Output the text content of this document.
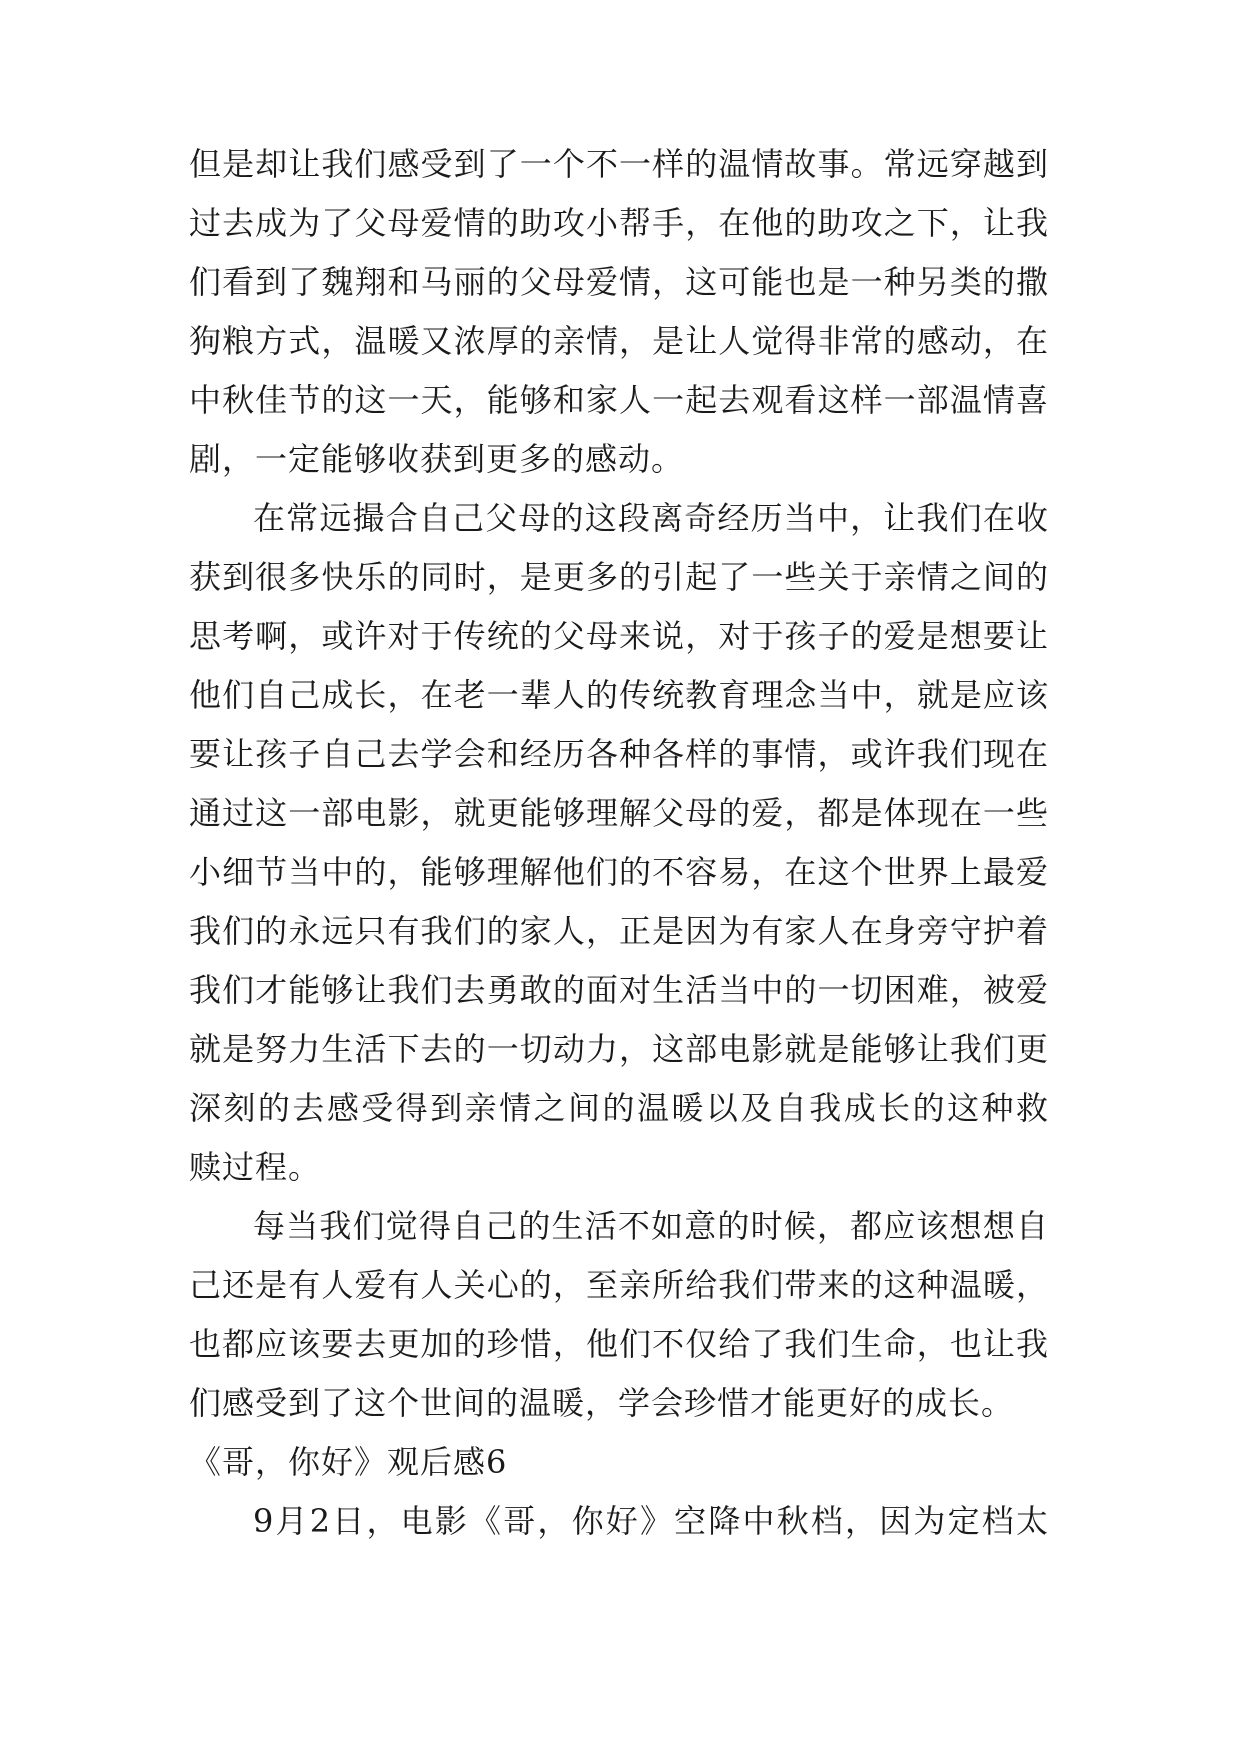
但是却让我们感受到了一个不一样的温情故事。常远穿越到
过去成为了父母爱情的助攻小帮手，在他的助攻之下，让我
们看到了魏翔和马丽的父母爱情，这可能也是一种另类的撒
狗粮方式，温暖又浓厚的亲情，是让人觉得非常的感动，在
中秋佳节的这一天，能够和家人一起去观看这样一部温情喜
剧，一定能够收获到更多的感动。
在常远撮合自己父母的这段离奇经历当中，让我们在收
获到很多快乐的同时，是更多的引起了一些关于亲情之间的
思考啊，或许对于传统的父母来说，对于孩子的爱是想要让
他们自己成长，在老一辈人的传统教育理念当中，就是应该
要让孩子自己去学会和经历各种各样的事情，或许我们现在
通过这一部电影，就更能够理解父母的爱，都是体现在一些
小细节当中的，能够理解他们的不容易，在这个世界上最爱
我们的永远只有我们的家人，正是因为有家人在身旁守护着
我们才能够让我们去勇敢的面对生活当中的一切困难，被爱
就是努力生活下去的一切动力，这部电影就是能够让我们更
深刻的去感受得到亲情之间的温暖以及自我成长的这种救
赎过程。
每当我们觉得自己的生活不如意的时候，都应该想想自
己还是有人爱有人关心的，至亲所给我们带来的这种温暖，
也都应该要去更加的珍惜，他们不仅给了我们生命，也让我
们感受到了这个世间的温暖，学会珍惜才能更好的成长。
《哥，你好》观后感6
9月2日，电影《哥，你好》空降中秋档，因为定档太
